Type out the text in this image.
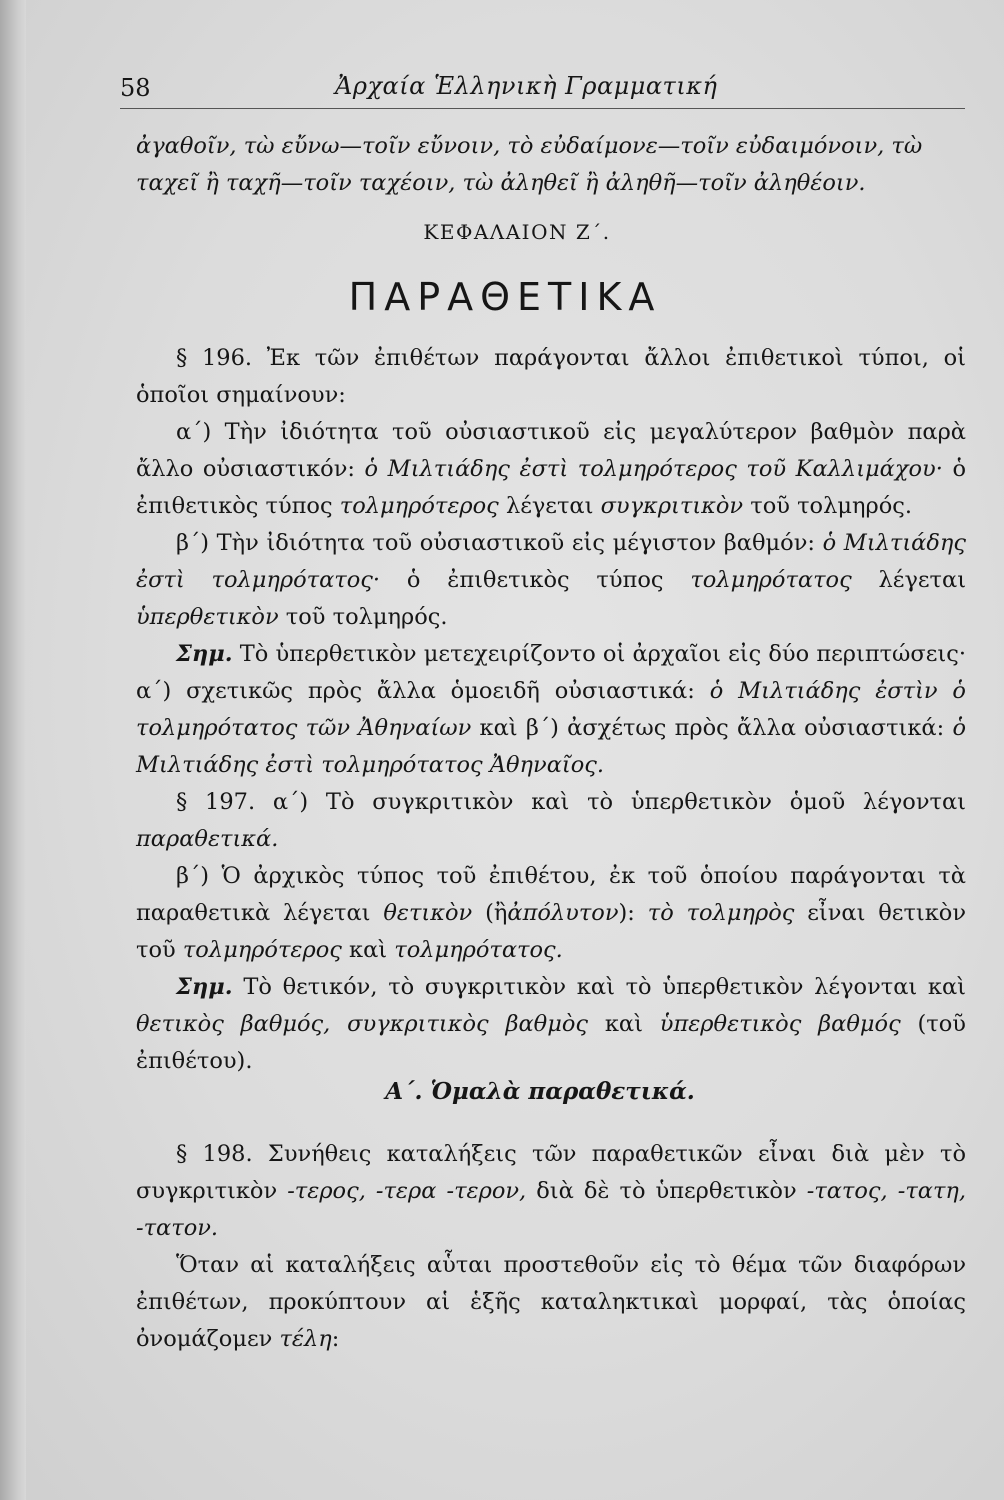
58	Ἀρχαία Ἑλληνικὴ Γραμματική

ἀγαθοῖν, τὼ εὔνω—τοῖν εὔνοιν, τὸ εὐδαίμονε—τοῖν εὐδαιμόνοιν, τὼ

ταχεῖ ἢ ταχῆ—τοῖν ταχέοιν, τὼ ἀληθεῖ ἢ ἀληθῆ—τοῖν ἀληθέοιν.

ΚΕΦΑΛΑΙΟΝ Ζ΄.
ΠΑΡΑΘΕΤΙΚΑ

§ 196. Ἐκ τῶν ἐπιθέτων παράγονται ἄλλοι ἐπιθετικοὶ τύποι, οἱ ὁποῖοι σημαίνουν:

α΄) Τὴν ἰδιότητα τοῦ οὐσιαστικοῦ εἰς μεγαλύτερον βαθμὸν παρὰ ἄλλο οὐσιαστικόν: ὁ Μιλτιάδης ἐστὶ τολμηρότερος τοῦ Καλλιμάχου· ὁ ἐπιθετικὸς τύπος τολμηρότερος λέγεται συγκριτικὸν τοῦ τολμηρός.

β΄) Τὴν ἰδιότητα τοῦ οὐσιαστικοῦ εἰς μέγιστον βαθμόν: ὁ Μιλτιάδης ἐστὶ τολμηρότατος· ὁ ἐπιθετικὸς τύπος τολμηρότατος λέγεται ὑπερθετικὸν τοῦ τολμηρός.

Σημ. Τὸ ὑπερθετικὸν μετεχειρίζοντο οἱ ἀρχαῖοι εἰς δύο περιπτώσεις· α΄) σχετικῶς πρὸς ἄλλα ὁμοειδῆ οὐσιαστικά: ὁ Μιλτιάδης ἐστὶν ὁ τολμηρότατος τῶν Ἀθηναίων καὶ β΄) ἀσχέτως πρὸς ἄλλα οὐσιαστικά: ὁ Μιλτιάδης ἐστὶ τολμηρότατος Ἀθηναῖος.

§ 197. α΄) Τὸ συγκριτικὸν καὶ τὸ ὑπερθετικὸν ὁμοῦ λέγονται παραθετικά.

β΄) Ὁ ἀρχικὸς τύπος τοῦ ἐπιθέτου, ἐκ τοῦ ὁποίου παράγονται τὰ παραθετικὰ λέγεται θετικὸν (ἢἀπόλυτον): τὸ τολμηρὸς εἶναι θετικὸν τοῦ τολμηρότερος καὶ τολμηρότατος.

Σημ. Τὸ θετικόν, τὸ συγκριτικὸν καὶ τὸ ὑπερθετικὸν λέγονται καὶ θετικὸς βαθμός, συγκριτικὸς βαθμὸς καὶ ὑπερθετικὸς βαθμός (τοῦ ἐπιθέτου).

Α΄. Ὁμαλὰ παραθετικά.

§ 198. Συνήθεις καταλήξεις τῶν παραθετικῶν εἶναι διὰ μὲν τὸ συγκριτικὸν -τερος, -τερα -τερον, διὰ δὲ τὸ ὑπερθετικὸν -τατος, -τατη, -τατον.

Ὅταν αἱ καταλήξεις αὗται προστεθοῦν εἰς τὸ θέμα τῶν διαφόρων ἐπιθέτων, προκύπτουν αἱ ἑξῆς καταληκτικαὶ μορφαί, τὰς ὁποίας ὀνομάζομεν τέλη:
